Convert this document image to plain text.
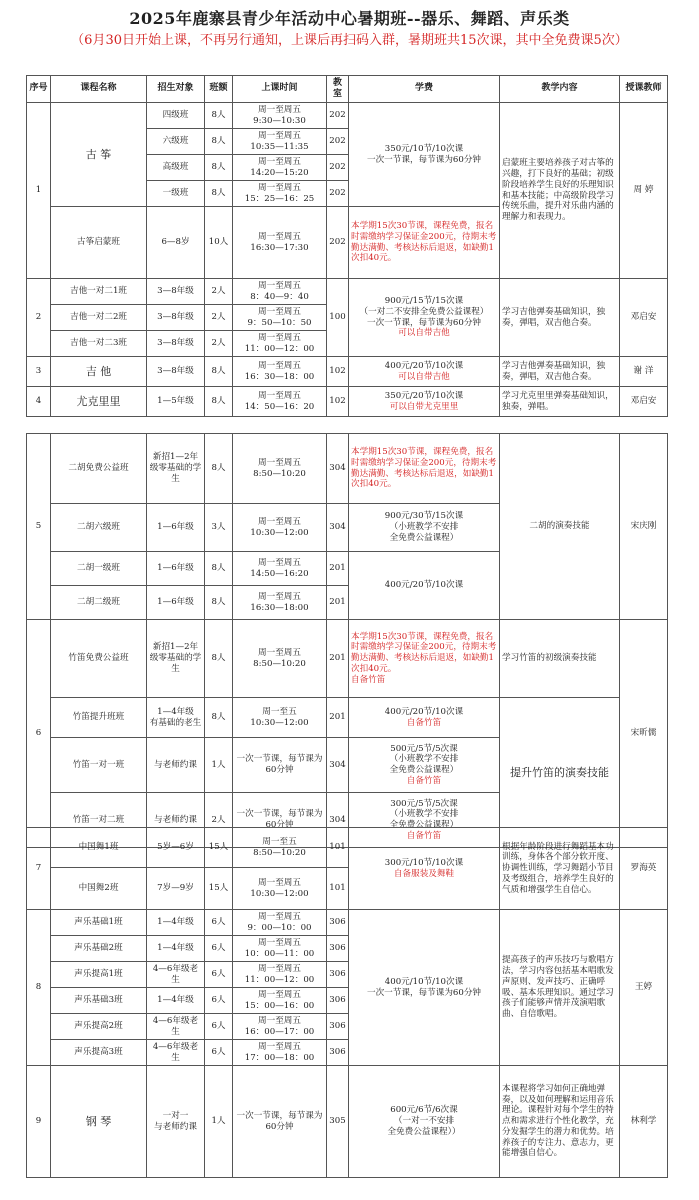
2025年鹿寨县青少年活动中心暑期班--器乐、舞蹈、声乐类
（6月30日开始上课，不再另行通知，上课后再扫码入群，暑期班共15次课，其中全免费课5次）
序号	课程名称	招生对象	班额	上课时间	教室	学费	教学内容	授课教师
1	古 筝	四级班	8人	周一至周五
9:30—10:30	202	350元/10节/10次课
一次一节课，每节课为60分钟	启蒙班主要培养孩子对古筝的兴趣，打下良好的基础；初级阶段培养学生良好的乐理知识和基本技能；中高级阶段学习传统乐曲，提升对乐曲内涵的理解力和表现力。	周 婷
		六级班	8人	周一至周五
10:35—11:35	202			
		高级班	8人	周一至周五
14:20—15:20	202			
		一级班	8人	周一至周五
15：25—16：25	202			
	古筝启蒙班	6—8岁	10人	周一至周五
16:30—17:30	202	本学期15次30节课，课程免费，报名时需缴纳学习保证金200元，待期末考勤达满勤、考核达标后退返，如缺勤1次扣40元。		
2	吉他一对二1班	3—8年级	2人	周一至周五
8：40—9：40	100	900元/15节/15次课
（一对二不安排全免费公益课程）
一次一节课，每节课为60分钟
可以自带吉他	学习吉他弹奏基础知识，独奏，弹唱，双吉他合奏。	邓启安
	吉他一对二2班	3—8年级	2人	周一至周五
9：50—10：50				
	吉他一对二3班	3—8年级	2人	周一至周五
11：00—12：00				
3	吉 他	3—8年级	8人	周一至周五
16：30—18：00	102	400元/20节/10次课
可以自带吉他	学习吉他弹奏基础知识，独奏，弹唱，双吉他合奏。	谢 洋
4	尤克里里	1—5年级	8人	周一至周五
14：50—16：20	102	350元/20节/10次课
可以自带尤克里里	学习尤克里里弹奏基础知识，独奏，弹唱。	邓启安
5	二胡免费公益班	新招1—2年级零基础的学生	8人	周一至周五
8:50—10:20	304	本学期15次30节课，课程免费，报名时需缴纳学习保证金200元，待期末考勤达满勤、考核达标后退返，如缺勤1次扣40元。	二胡的演奏技能	宋庆刚
	二胡六级班	1—6年级	3人	周一至周五
10:30—12:00	304	900元/30节/15次课
（小班教学不安排
全免费公益课程）		
	二胡一级班	1—6年级	8人	周一至周五
14:50—16:20	201	400元/20节/10次课		
	二胡二级班	1—6年级	8人	周一至周五
16:30—18:00	201			
6	竹笛免费公益班	新招1—2年级零基础的学生	8人	周一至周五
8:50—10:20	201	本学期15次30节课，课程免费，报名时需缴纳学习保证金200元，待期末考勤达满勤、考核达标后退返，如缺勤1次扣40元。
自备竹笛	学习竹笛的初级演奏技能	宋昕儒
	竹笛提升班班	1—4年级
有基础的老生	8人	周一至五
10:30—12:00	201	400元/20节/10次课
自备竹笛	提升竹笛的演奏技能	
	竹笛一对一班	与老师约课	1人	一次一节课，每节课为60分钟	304	500元/5节/5次课
（小班教学不安排
全免费公益课程）
自备竹笛		
	竹笛一对二班	与老师约课	2人	一次一节课，每节课为60分钟	304	300元/5节/5次课
（小班教学不安排
全免费公益课程）
自备竹笛		
7	中国舞1班	5岁—6岁	15人	周一至五
8:50—10:20	101	300元/10节/10次课
自备服装及舞鞋	根据年龄阶段进行舞蹈基本功训练，身体各个部分软开度、协调性训练，学习舞蹈小节目及考级组合，培养学生良好的气质和增强学生自信心。	罗海英
	中国舞2班	7岁—9岁	15人	周一至周五
10:30—12:00	101			
8	声乐基础1班	1—4年级	6人	周一至周五
9：00—10：00	306	400元/10节/10次课
一次一节课，每节课为60分钟	提高孩子的声乐技巧与歌唱方法，学习内容包括基本唱歌发声原则、发声技巧、正确呼吸、基本乐理知识。通过学习孩子们能够声情并茂演唱歌曲、自信歌唱。	王婷
	声乐基础2班	1—4年级	6人	周一至周五
10：00—11：00	306			
	声乐提高1班	4—6年级老生	6人	周一至周五
11：00—12：00	306			
	声乐基础3班	1—4年级	6人	周一至周五
15：00—16：00	306			
	声乐提高2班	4—6年级老生	6人	周一至周五
16：00—17：00	306			
	声乐提高3班	4—6年级老生	6人	周一至周五
17：00—18：00	306			
9	钢 琴	一对一
与老师约课	1人	一次一节课，每节课为60分钟	305	600元/6节/6次课
（一对一不安排
全免费公益课程））	本课程将学习如何正确地弹奏，以及如何理解和运用音乐理论。课程针对每个学生的特点和需求进行个性化教学，充分发掘学生的潜力和优势。培养孩子的专注力、意志力，更能增强自信心。	林利学
